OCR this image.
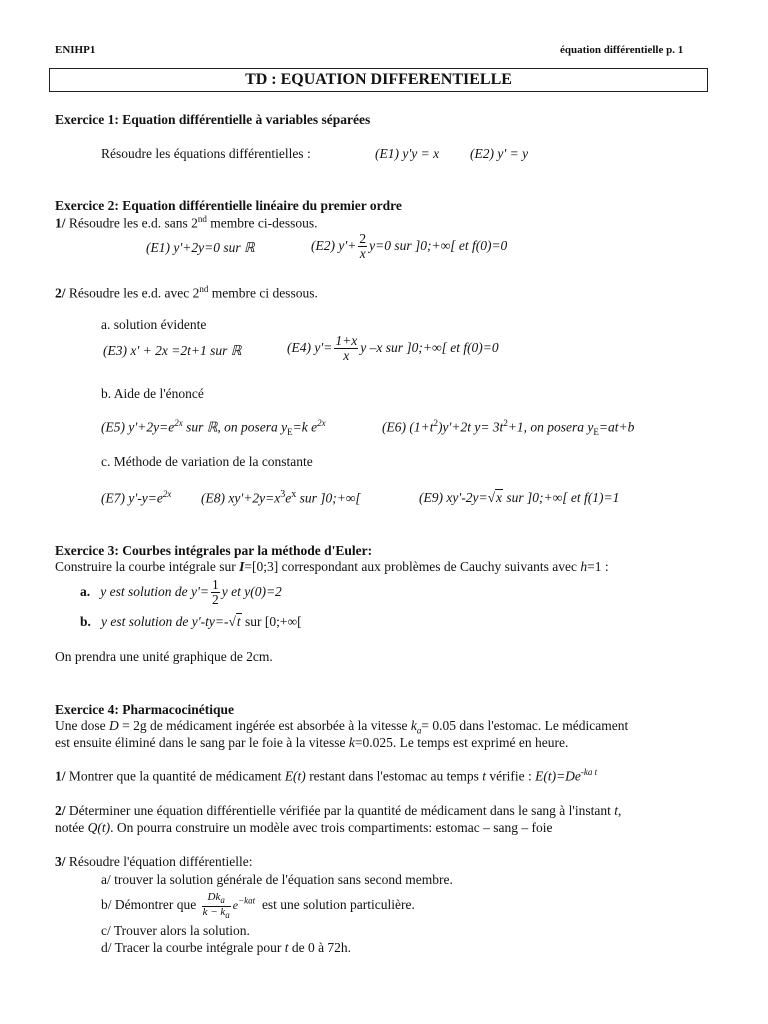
ENIHP1	équation différentielle p. 1
TD : EQUATION DIFFERENTIELLE
Exercice 1: Equation différentielle à variables séparées
Résoudre les équations différentielles :	(E1) y'y = x (E2) y' = y
Exercice 2: Equation différentielle linéaire du premier ordre
1/ Résoudre les e.d. sans 2nd membre ci-dessous.
(E1) y'+2y=0 sur ℝ	(E2) $y'+ \frac{2}{x} y=0$ sur ]0;+∞[ et f(0)=0
2/ Résoudre les e.d. avec 2nd membre ci dessous.
a. solution évidente
(E3) x' + 2x =2t+1 sur ℝ	(E4) $y'= \frac{1+x}{x}$ y –x sur ]0;+∞[ et f(0)=0
b. Aide de l'énoncé
(E5) $y'+2y=e^{2x}$ sur ℝ, on posera $y_E=k$ $e^{2x}$	(E6) $(1+t^2)y'+2t$ $y= 3t^2+1$, on posera $y_E=at+b$
c. Méthode de variation de la constante
(E7) $y'-y=e^{2x}$ (E8) $xy'+2y=x^3e^x$ sur ]0;+∞[	(E9) xy'-2y=√x sur ]0;+∞[ et f(1)=1
Exercice 3: Courbes intégrales par la méthode d'Euler:
Construire la courbe intégrale sur I=[0;3] correspondant aux problèmes de Cauchy suivants avec h=1 :
a. y est solution de $y'= \frac{1}{2}$ y et y(0)=2
b. y est solution de y'-ty=-√t sur [0;+∞[
On prendra une unité graphique de 2cm.
Exercice 4: Pharmacocinétique
Une dose D = 2g de médicament ingérée est absorbée à la vitesse $k_a= 0.05$ dans l'estomac. Le médicament
est ensuite éliminé dans le sang par le foie à la vitesse k=0.025. Le temps est exprimé en heure.
1/ Montrer que la quantité de médicament E(t) restant dans l'estomac au temps t vérifie : $E(t)=De^{-ka t}$
2/ Déterminer une équation différentielle vérifiée par la quantité de médicament dans le sang à l'instant t,
notée Q(t). On pourra construire un modèle avec trois compartiments: estomac – sang – foie
3/ Résoudre l'équation différentielle:
a/ trouver la solution générale de l'équation sans second membre.
b/ Démontrer que $\frac{Dk_a}{k - k_a} e^{-kat}$ est une solution particulière.
c/ Trouver alors la solution.
d/ Tracer la courbe intégrale pour t de 0 à 72h.
